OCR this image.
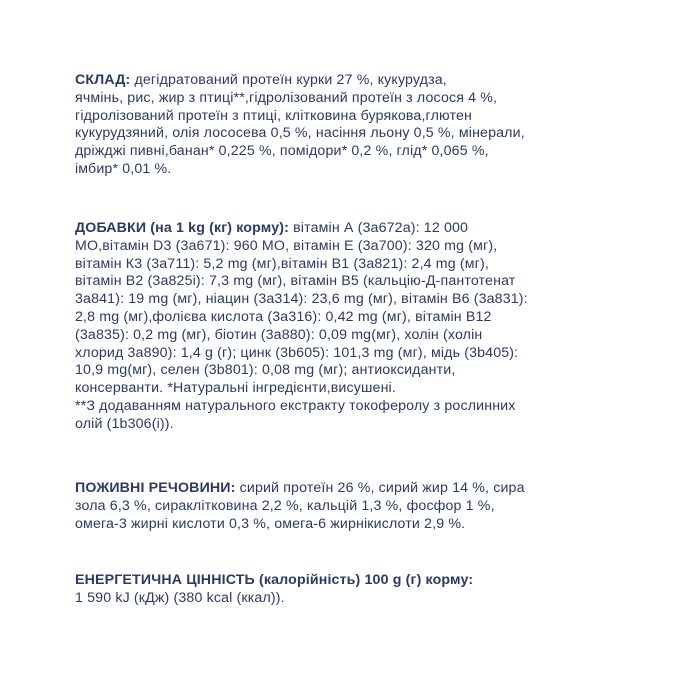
СКЛАД: дегідратований протеїн курки 27 %, кукурудза,

ячмінь, рис, жир з птиці**,гідролізований протеїн з лосося 4 %,

гідролізований протеїн з птиці, клітковина бурякова,глютен

кукурудзяний, олія лососева 0,5 %, насіння льону 0,5 %, мінерали,

дріжджі пивні,банан* 0,225 %, помідори* 0,2 %, глід* 0,065 %,

імбир* 0,01 %.

ДОБАВКИ (на 1 kg (кг) корму): вітамін А (3a672a): 12 000

МО,вітамін D3 (3a671): 960 МО, вітамін Е (3a700): 320 mg (мг),

вітамін К3 (3a711): 5,2 mg (мг),вітамін В1 (3a821): 2,4 mg (мг),

вітамін В2 (3a825i): 7,3 mg (мг), вітамін В5 (кальцію-Д-пантотенат

3a841): 19 mg (мг), ніацин (3a314): 23,6 mg (мг), вітамін В6 (3a831):

2,8 mg (мг),фолієва кислота (3a316): 0,42 mg (мг), вітамін В12

(3a835): 0,2 mg (мг), біотин (3a880): 0,09 mg(мг), холін (холін

хлорид 3a890): 1,4 g (г); цинк (3b605): 101,3 mg (мг), мідь (3b405):

10,9 mg(мг), селен (3b801): 0,08 mg (мг); антиоксиданти,

консерванти. *Натуральні інгредієнти,висушені.

**З додаванням натурального екстракту токоферолу з рослинних

олій (1b306(i)).

ПОЖИВНІ РЕЧОВИНИ: сирий протеїн 26 %, сирий жир 14 %, сира

зола 6,3 %, сираклітковина 2,2 %, кальцій 1,3 %, фосфор 1 %,

омега-3 жирні кислоти 0,3 %, омега-6 жирнікислоти 2,9 %.

ЕНЕРГЕТИЧНА ЦІННІСТЬ (калорійність) 100 g (г) корму:

1 590 kJ (кДж) (380 kcal (ккал)).
